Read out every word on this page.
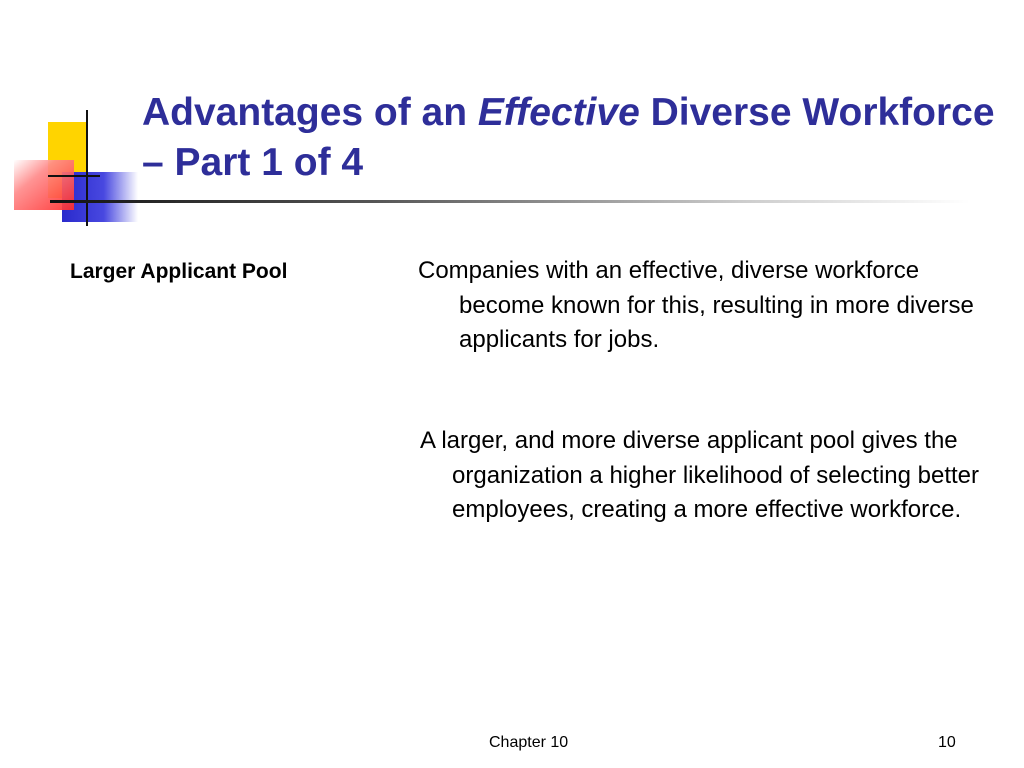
Advantages of an Effective Diverse Workforce – Part 1 of 4
Larger Applicant Pool	Companies with an effective, diverse workforce become known for this, resulting in more diverse applicants for jobs.

A larger, and more diverse applicant pool gives the  organization a higher likelihood of selecting better employees, creating a more effective workforce.

Chapter 10	10
